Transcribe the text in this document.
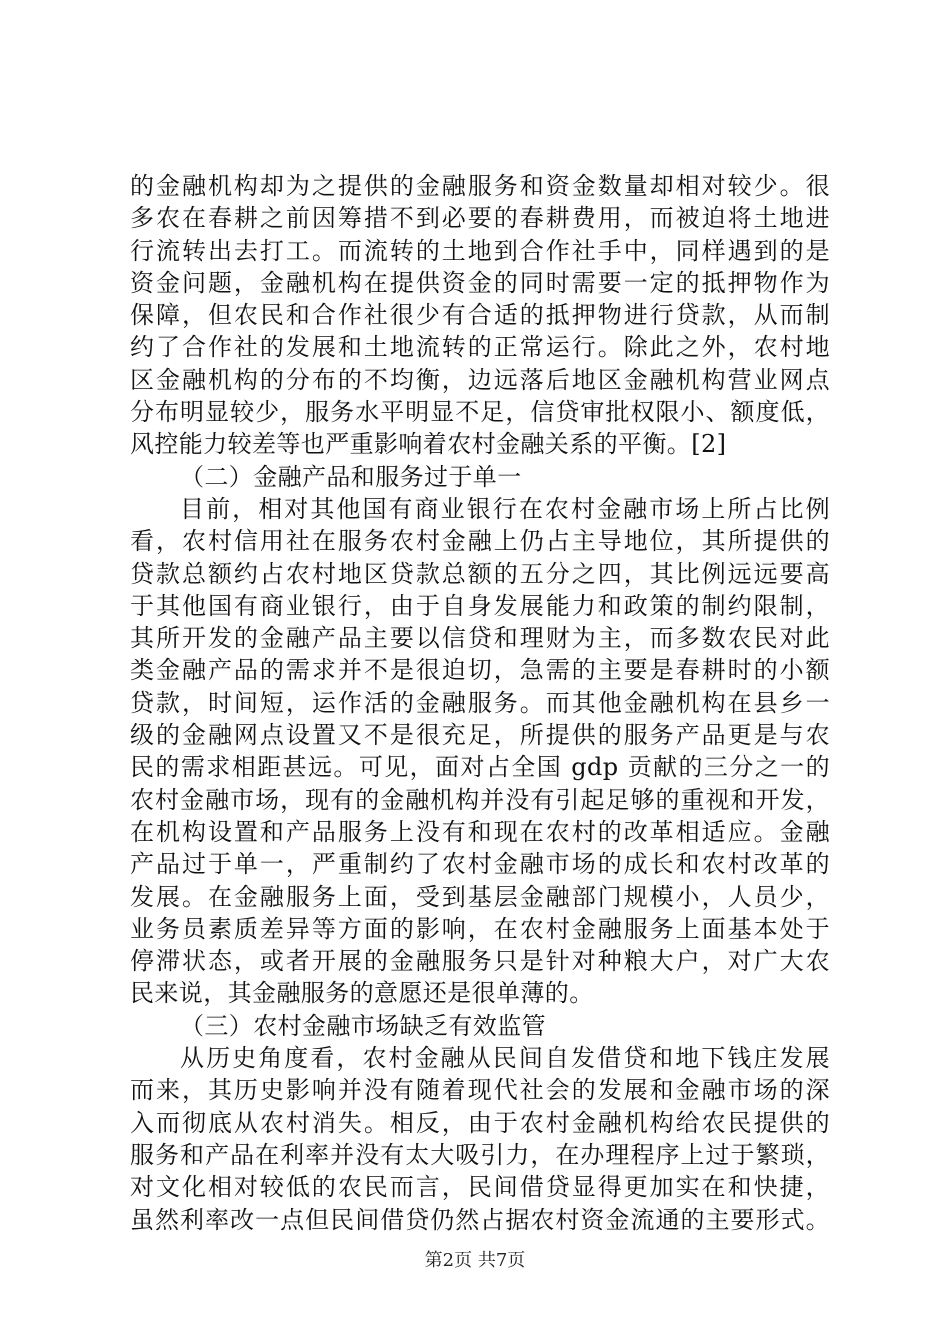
的金融机构却为之提供的金融服务和资金数量却相对较少。很
多农在春耕之前因筹措不到必要的春耕费用，而被迫将土地进
行流转出去打工。而流转的土地到合作社手中，同样遇到的是
资金问题，金融机构在提供资金的同时需要一定的抵押物作为
保障，但农民和合作社很少有合适的抵押物进行贷款，从而制
约了合作社的发展和土地流转的正常运行。除此之外，农村地
区金融机构的分布的不均衡，边远落后地区金融机构营业网点
分布明显较少，服务水平明显不足，信贷审批权限小、额度低，
风控能力较差等也严重影响着农村金融关系的平衡。[2]
（二）金融产品和服务过于单一
目前，相对其他国有商业银行在农村金融市场上所占比例
看，农村信用社在服务农村金融上仍占主导地位，其所提供的
贷款总额约占农村地区贷款总额的五分之四，其比例远远要高
于其他国有商业银行，由于自身发展能力和政策的制约限制，
其所开发的金融产品主要以信贷和理财为主，而多数农民对此
类金融产品的需求并不是很迫切，急需的主要是春耕时的小额
贷款，时间短，运作活的金融服务。而其他金融机构在县乡一
级的金融网点设置又不是很充足，所提供的服务产品更是与农
民的需求相距甚远。可见，面对占全国 gdp 贡献的三分之一的
农村金融市场，现有的金融机构并没有引起足够的重视和开发，
在机构设置和产品服务上没有和现在农村的改革相适应。金融
产品过于单一，严重制约了农村金融市场的成长和农村改革的
发展。在金融服务上面，受到基层金融部门规模小，人员少，
业务员素质差异等方面的影响，在农村金融服务上面基本处于
停滞状态，或者开展的金融服务只是针对种粮大户，对广大农
民来说，其金融服务的意愿还是很单薄的。
（三）农村金融市场缺乏有效监管
从历史角度看，农村金融从民间自发借贷和地下钱庄发展
而来，其历史影响并没有随着现代社会的发展和金融市场的深
入而彻底从农村消失。相反，由于农村金融机构给农民提供的
服务和产品在利率并没有太大吸引力，在办理程序上过于繁琐，
对文化相对较低的农民而言，民间借贷显得更加实在和快捷，
虽然利率改一点但民间借贷仍然占据农村资金流通的主要形式。
第2页 共7页
